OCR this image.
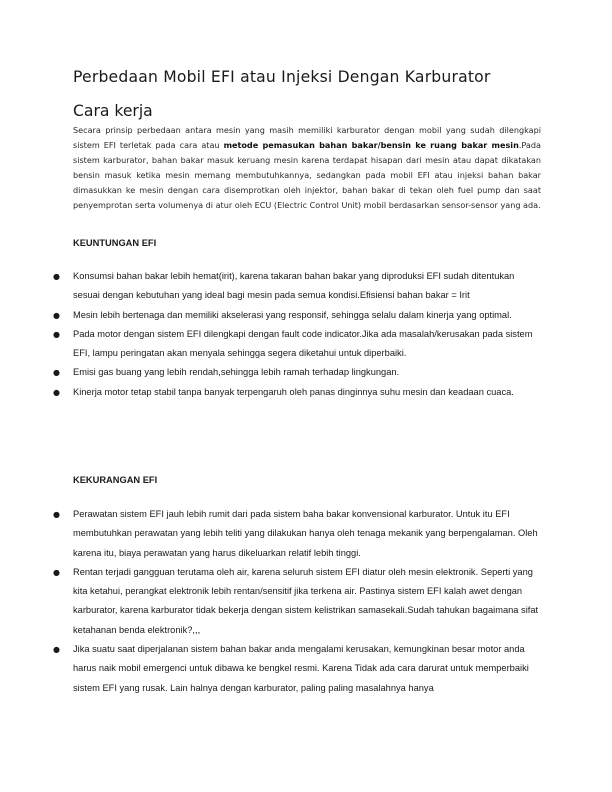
Perbedaan Mobil EFI atau Injeksi Dengan Karburator
Cara kerja
Secara prinsip perbedaan antara mesin yang masih memiliki karburator dengan mobil yang sudah dilengkapi sistem EFI terletak pada cara atau metode pemasukan bahan bakar/bensin ke ruang bakar mesin.Pada sistem karburator, bahan bakar masuk keruang mesin karena terdapat hisapan dari mesin atau dapat dikatakan bensin masuk ketika mesin memang membutuhkannya, sedangkan pada mobil EFI atau injeksi bahan bakar dimasukkan ke mesin dengan cara disemprotkan oleh injektor, bahan bakar di tekan oleh fuel pump dan saat penyemprotan serta volumenya di atur oleh ECU (Electric Control Unit) mobil berdasarkan sensor-sensor yang ada.
KEUNTUNGAN EFI
● Konsumsi bahan bakar lebih hemat(irit), karena takaran bahan bakar yang diproduksi EFI sudah ditentukan sesuai dengan kebutuhan yang ideal bagi mesin pada semua kondisi.Efisiensi bahan bakar = Irit
● Mesin lebih bertenaga dan memiliki akselerasi yang responsif, sehingga selalu dalam kinerja yang optimal.
● Pada motor dengan sistem EFI dilengkapi dengan fault code indicator.Jika ada masalah/kerusakan pada sistem EFI, lampu peringatan akan menyala sehingga segera diketahui untuk diperbaiki.
● Emisi gas buang yang lebih rendah,sehingga lebih ramah terhadap lingkungan.
● Kinerja motor tetap stabil tanpa banyak terpengaruh oleh panas dinginnya suhu mesin dan keadaan cuaca.
KEKURANGAN EFI
● Perawatan sistem EFI jauh lebih rumit dari pada sistem baha bakar konvensional karburator. Untuk itu EFI membutuhkan perawatan yang lebih teliti yang dilakukan hanya oleh tenaga mekanik yang berpengalaman. Oleh karena itu, biaya perawatan yang harus dikeluarkan relatif lebih tinggi.
● Rentan terjadi gangguan terutama oleh air, karena seluruh sistem EFI diatur oleh mesin elektronik. Seperti yang kita ketahui, perangkat elektronik lebih rentan/sensitif jika terkena air. Pastinya sistem EFI kalah awet dengan karburator, karena karburator tidak bekerja dengan sistem kelistrikan samasekali.Sudah tahukan bagaimana sifat ketahanan benda elektronik?,,,
● Jika suatu saat diperjalanan sistem bahan bakar anda mengalami kerusakan, kemungkinan besar motor anda harus naik mobil emergenci untuk dibawa ke bengkel resmi. Karena Tidak ada cara darurat untuk memperbaiki sistem EFI yang rusak. Lain halnya dengan karburator, paling paling masalahnya hanya
